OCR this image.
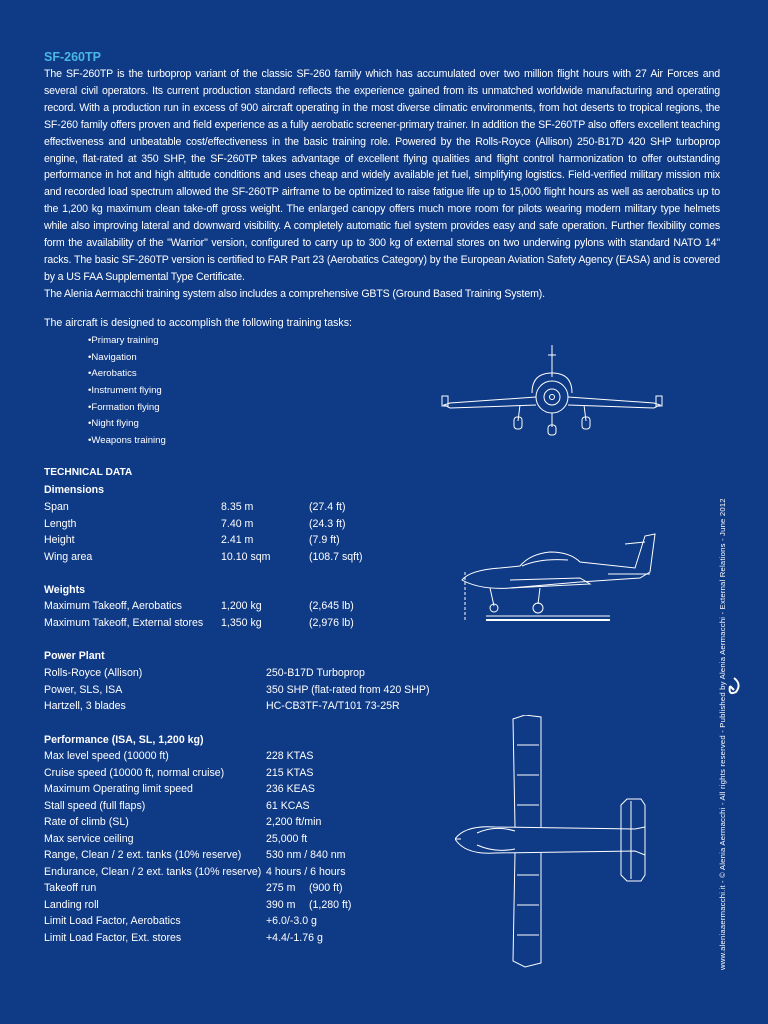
SF-260TP

The SF-260TP is the turboprop variant of the classic SF-260 family which has accumulated over two million flight hours with 27 Air Forces and several civil operators. Its current production standard reflects the experience gained from its unmatched worldwide manufacturing and operating record. With a production run in excess of 900 aircraft operating in the most diverse climatic environments, from hot deserts to tropical regions, the SF-260 family offers proven and field experience as a fully aerobatic screener-primary trainer. In addition the SF-260TP also offers excellent teaching effectiveness and unbeatable cost/effectiveness in the basic training role. Powered by the Rolls-Royce (Allison) 250-B17D 420 SHP turboprop engine, flat-rated at 350 SHP, the SF-260TP takes advantage of excellent flying qualities and flight control harmonization to offer outstanding performance in hot and high altitude conditions and uses cheap and widely available jet fuel, simplifying logistics. Field-verified military mission mix and recorded load spectrum allowed the SF-260TP airframe to be optimized to raise fatigue life up to 15,000 flight hours as well as aerobatics up to the 1,200 kg maximum clean take-off gross weight. The enlarged canopy offers much more room for pilots wearing modern military type helmets while also improving lateral and downward visibility. A completely automatic fuel system provides easy and safe operation. Further flexibility comes form the availability of the "Warrior" version, configured to carry up to 300 kg of external stores on two underwing pylons with standard NATO 14" racks. The basic SF-260TP version is certified to FAR Part 23 (Aerobatics Category) by the European Aviation Safety Agency (EASA) and is covered by a US FAA Supplemental Type Certificate.

The Alenia Aermacchi training system also includes a comprehensive GBTS (Ground Based Training System).

The aircraft is designed to accomplish the following training tasks:
• Primary training
• Navigation
• Aerobatics
• Instrument flying
• Formation flying
• Night flying
• Weapons training
TECHNICAL DATA
Dimensions
Span	8.35 m	(27.4 ft)
Length	7.40 m	(24.3 ft)
Height	2.41 m	(7.9 ft)
Wing area	10.10 sqm	(108.7 sqft)
Weights
Maximum Takeoff, Aerobatics	1,200 kg	(2,645 lb)
Maximum Takeoff, External stores 1,350 kg	(2,976 lb)
Power Plant
Rolls-Royce (Allison)	250-B17D Turboprop
Power, SLS, ISA	350 SHP (flat-rated from 420 SHP)
Hartzell, 3 blades	HC-CB3TF-7A/T101 73-25R
Performance (ISA, SL, 1,200 kg)
Max level speed (10000 ft)	228 KTAS
Cruise speed (10000 ft, normal cruise)	215 KTAS
Maximum Operating limit speed	236 KEAS
Stall speed (full flaps)	61 KCAS
Rate of climb (SL)	2,200 ft/min
Max service ceiling	25,000 ft
Range, Clean / 2 ext. tanks (10% reserve) 530 nm / 840 nm
Endurance, Clean / 2 ext. tanks (10% reserve) 4 hours / 6 hours
Takeoff run	275 m (900 ft)
Landing roll	390 m (1,280 ft)
Limit Load Factor, Aerobatics	+6.0/-3.0 g
Limit Load Factor, Ext. stores	+4.4/-1.76 g	www.aleniaaermacchi.it - © Alenia Aermacchi - All rights reserved - Published by Alenia Aermacchi - External Relations - June 2012
